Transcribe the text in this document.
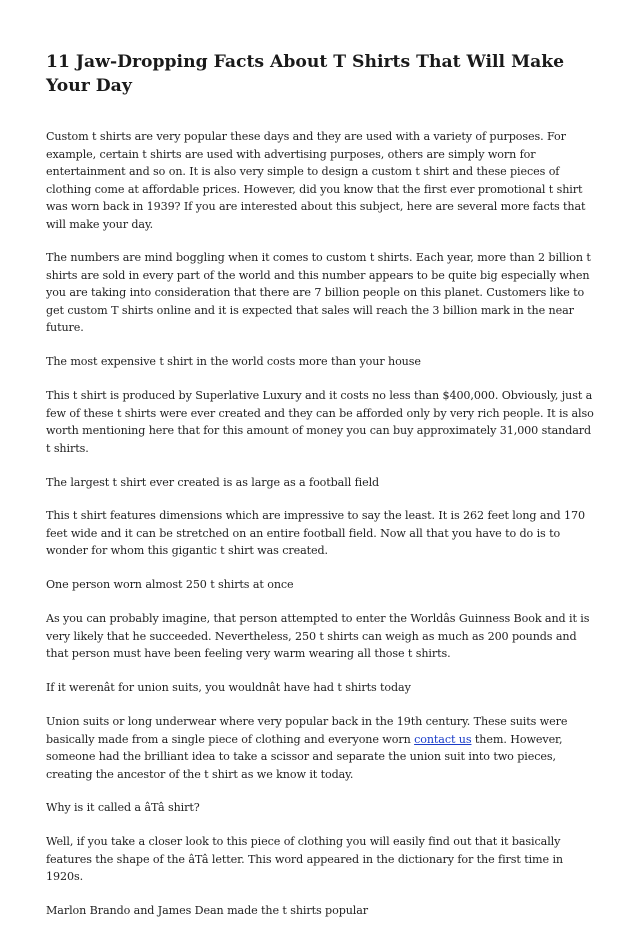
11 Jaw-Dropping Facts About T Shirts That Will Make Your Day

Custom t shirts are very popular these days and they are used with a variety of purposes. For example, certain t shirts are used with advertising purposes, others are simply worn for entertainment and so on. It is also very simple to design a custom t shirt and these pieces of clothing come at affordable prices. However, did you know that the first ever promotional t shirt was worn back in 1939? If you are interested about this subject, here are several more facts that will make your day.

The numbers are mind boggling when it comes to custom t shirts. Each year, more than 2 billion t shirts are sold in every part of the world and this number appears to be quite big especially when you are taking into consideration that there are 7 billion people on this planet. Customers like to get custom T shirts online and it is expected that sales will reach the 3 billion mark in the near future.

The most expensive t shirt in the world costs more than your house

This t shirt is produced by Superlative Luxury and it costs no less than $400,000. Obviously, just a few of these t shirts were ever created and they can be afforded only by very rich people. It is also worth mentioning here that for this amount of money you can buy approximately 31,000 standard t shirts.

The largest t shirt ever created is as large as a football field

This t shirt features dimensions which are impressive to say the least. It is 262 feet long and 170 feet wide and it can be stretched on an entire football field. Now all that you have to do is to wonder for whom this gigantic t shirt was created.

One person worn almost 250 t shirts at once

As you can probably imagine, that person attempted to enter the Worldâs Guinness Book and it is very likely that he succeeded. Nevertheless, 250 t shirts can weigh as much as 200 pounds and that person must have been feeling very warm wearing all those t shirts.

If it werenât for union suits, you wouldnât have had t shirts today

Union suits or long underwear where very popular back in the 19th century. These suits were basically made from a single piece of clothing and everyone worn contact us them. However, someone had the brilliant idea to take a scissor and separate the union suit into two pieces, creating the ancestor of the t shirt as we know it today.

Why is it called a âTâ shirt?

Well, if you take a closer look to this piece of clothing you will easily find out that it basically features the shape of the âTâ letter. This word appeared in the dictionary for the first time in 1920s.

Marlon Brando and James Dean made the t shirts popular
